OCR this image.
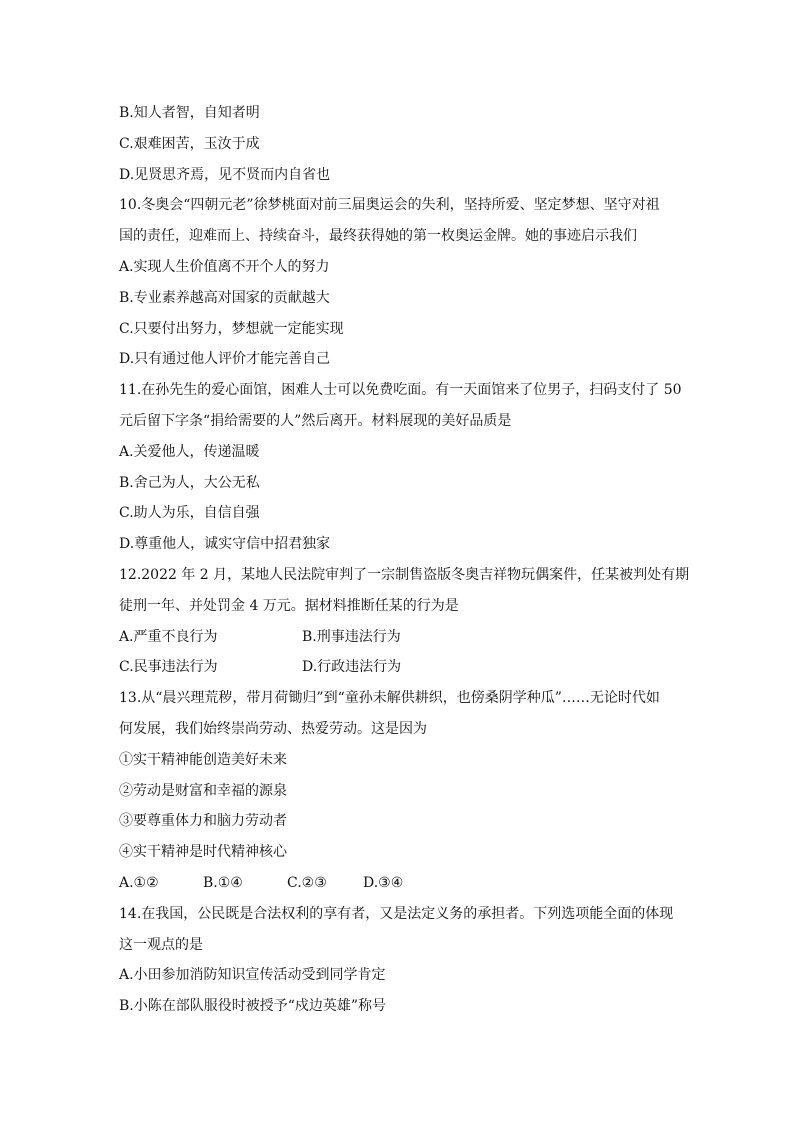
B.知人者智，自知者明
C.艰难困苦，玉汝于成
D.见贤思齐焉，见不贤而内自省也
10.冬奥会“四朝元老”徐梦桃面对前三届奥运会的失利，坚持所爱、坚定梦想、坚守对祖
国的责任，迎难而上、持续奋斗，最终获得她的第一枚奥运金牌。她的事迹启示我们
A.实现人生价值离不开个人的努力
B.专业素养越高对国家的贡献越大
C.只要付出努力，梦想就一定能实现
D.只有通过他人评价才能完善自己
11.在孙先生的爱心面馆，困难人士可以免费吃面。有一天面馆来了位男子，扫码支付了 50
元后留下字条“捐给需要的人”然后离开。材料展现的美好品质是
A.关爱他人，传递温暖
B.舍己为人，大公无私
C.助人为乐，自信自强
D.尊重他人，诚实守信中招君独家
12.2022 年 2 月，某地人民法院审判了一宗制售盗版冬奥吉祥物玩偶案件，任某被判处有期
徒刑一年、并处罚金 4 万元。据材料推断任某的行为是
A.严重不良行为	B.刑事违法行为
C.民事违法行为	D.行政违法行为
13.从“晨兴理荒秽，带月荷锄归”到“童孙未解供耕织，也傍桑阴学种瓜”……无论时代如
何发展，我们始终崇尚劳动、热爱劳动。这是因为
①实干精神能创造美好未来
②劳动是财富和幸福的源泉
③要尊重体力和脑力劳动者
④实干精神是时代精神核心
A.①②	B.①④	C.②③	D.③④
14.在我国，公民既是合法权利的享有者，又是法定义务的承担者。下列选项能全面的体现
这一观点的是
A.小田参加消防知识宣传活动受到同学肯定
B.小陈在部队服役时被授予“戍边英雄”称号
